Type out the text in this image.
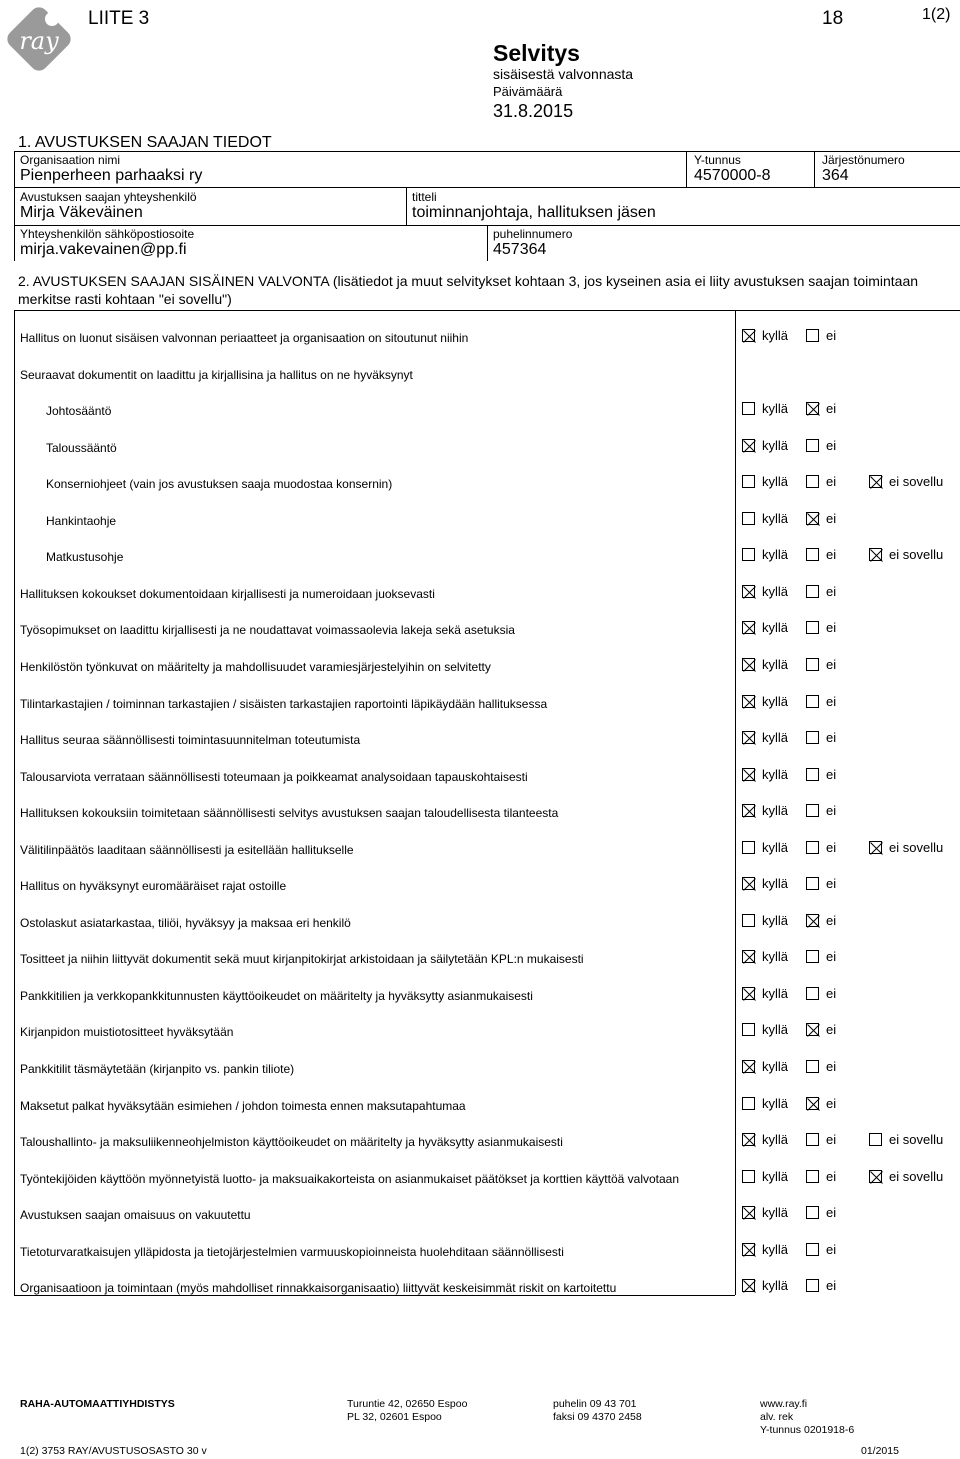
ray
LIITE 3	18	1(2)
Selvitys
sisäisestä valvonnasta
Päivämäärä
31.8.2015
1. AVUSTUKSEN SAAJAN TIEDOT
Organisaation nimi
Pienperheen parhaaksi ry
Y-tunnus
4570000-8
Järjestönumero
364
Avustuksen saajan yhteyshenkilö
Mirja Väkeväinen
titteli
toiminnanjohtaja, hallituksen jäsen
Yhteyshenkilön sähköpostiosoite
mirja.vakevainen@pp.fi
puhelinnumero
457364
2. AVUSTUKSEN SAAJAN SISÄINEN VALVONTA (lisätiedot ja muut selvitykset kohtaan 3, jos kyseinen asia ei liity avustuksen saajan toimintaan merkitse rasti kohtaan "ei sovellu")
Hallitus on luonut sisäisen valvonnan periaatteet ja organisaation on sitoutunut niihin	kyllä	ei
Seuraavat dokumentit on laadittu ja kirjallisina ja hallitus on ne hyväksynyt
Johtosääntö	kyllä	ei
Taloussääntö	kyllä	ei
Konserniohjeet (vain jos avustuksen saaja muodostaa konsernin)	kyllä	ei	ei sovellu
Hankintaohje	kyllä	ei
Matkustusohje	kyllä	ei	ei sovellu
Hallituksen kokoukset dokumentoidaan kirjallisesti ja numeroidaan juoksevasti	kyllä	ei
Työsopimukset on laadittu kirjallisesti ja ne noudattavat voimassaolevia lakeja sekä asetuksia	kyllä	ei
Henkilöstön työnkuvat on määritelty ja mahdollisuudet varamiesjärjestelyihin on selvitetty	kyllä	ei
Tilintarkastajien / toiminnan tarkastajien / sisäisten tarkastajien raportointi läpikäydään hallituksessa	kyllä	ei
Hallitus seuraa säännöllisesti toimintasuunnitelman toteutumista	kyllä	ei
Talousarviota verrataan säännöllisesti toteumaan ja poikkeamat analysoidaan tapauskohtaisesti	kyllä	ei
Hallituksen kokouksiin toimitetaan säännöllisesti selvitys avustuksen saajan taloudellisesta tilanteesta	kyllä	ei
Välitilinpäätös laaditaan säännöllisesti ja esitellään hallitukselle	kyllä	ei	ei sovellu
Hallitus on hyväksynyt euromääräiset rajat ostoille	kyllä	ei
Ostolaskut asiatarkastaa, tiliöi, hyväksyy ja maksaa eri henkilö	kyllä	ei
Tositteet ja niihin liittyvät dokumentit sekä muut kirjanpitokirjat arkistoidaan ja säilytetään KPL:n mukaisesti	kyllä	ei
Pankkitilien ja verkkopankkitunnusten käyttöoikeudet on määritelty ja hyväksytty asianmukaisesti	kyllä	ei
Kirjanpidon muistiotositteet hyväksytään	kyllä	ei
Pankkitilit täsmäytetään (kirjanpito vs. pankin tiliote)	kyllä	ei
Maksetut palkat hyväksytään esimiehen / johdon toimesta ennen maksutapahtumaa	kyllä	ei
Taloushallinto- ja maksuliikenneohjelmiston käyttöoikeudet on määritelty ja hyväksytty asianmukaisesti	kyllä	ei	ei sovellu
Työntekijöiden käyttöön myönnetyistä luotto- ja maksuaikakorteista on asianmukaiset päätökset ja korttien käyttöä valvotaan	kyllä	ei	ei sovellu
Avustuksen saajan omaisuus on vakuutettu	kyllä	ei
Tietoturvaratkaisujen ylläpidosta ja tietojärjestelmien varmuuskopioinneista huolehditaan säännöllisesti	kyllä	ei
Organisaatioon ja toimintaan (myös mahdolliset rinnakkaisorganisaatio) liittyvät keskeisimmät riskit on kartoitettu	kyllä	ei
RAHA-AUTOMAATTIYHDISTYS	Turuntie 42, 02650 Espoo
PL 32, 02601 Espoo
puhelin 09 43 701
faksi 09 4370 2458
www.ray.fi
alv. rek
Y-tunnus 0201918-6
1(2) 3753 RAY/AVUSTUSOSASTO 30 v	01/2015
